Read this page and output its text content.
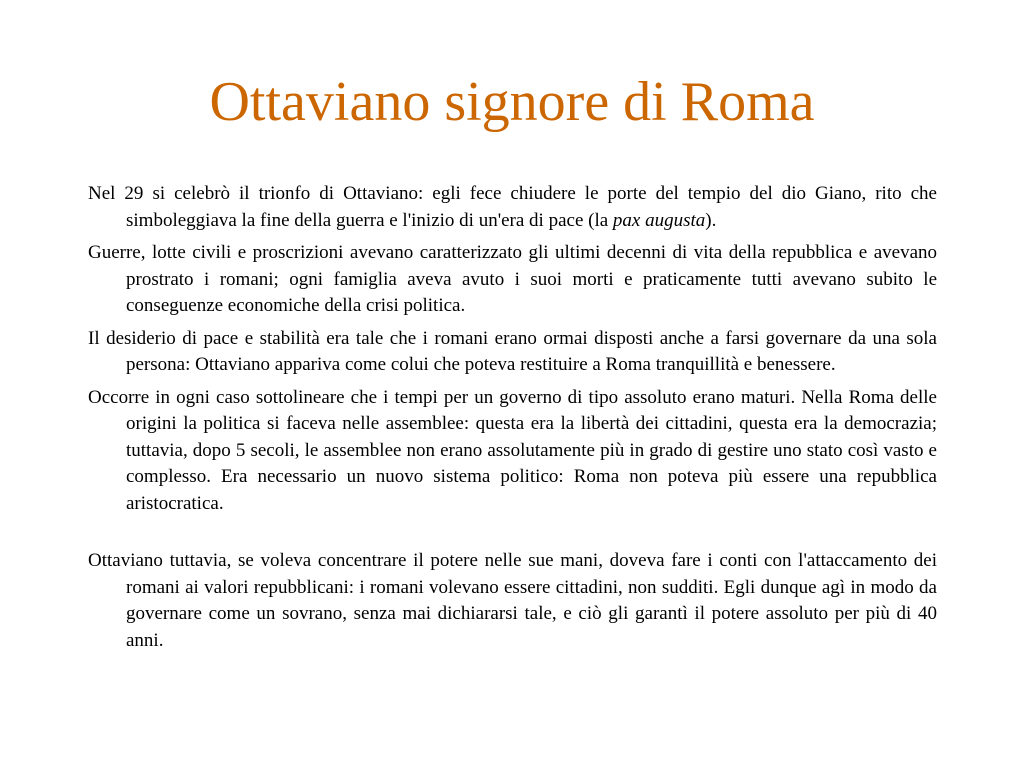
Ottaviano signore di Roma

Nel 29 si celebrò il trionfo di Ottaviano: egli fece chiudere le porte del tempio del dio Giano, rito che simboleggiava la fine della guerra e l'inizio di un'era di pace (la pax augusta).

Guerre, lotte civili e proscrizioni avevano caratterizzato gli ultimi decenni di vita della repubblica e avevano prostrato i romani; ogni famiglia aveva avuto i suoi morti e praticamente tutti avevano subito le conseguenze economiche della crisi politica.

Il desiderio di pace e stabilità era tale che i romani erano ormai disposti anche a farsi governare da una sola persona: Ottaviano appariva come colui che poteva restituire a Roma tranquillità e benessere.

Occorre in ogni caso sottolineare che i tempi per un governo di tipo assoluto erano maturi. Nella Roma delle origini la politica si faceva nelle assemblee: questa era la libertà dei cittadini, questa era la democrazia; tuttavia, dopo 5 secoli, le assemblee non erano assolutamente più in grado di gestire uno stato così vasto e complesso. Era necessario un nuovo sistema politico: Roma non poteva più essere una repubblica aristocratica.

Ottaviano tuttavia, se voleva concentrare il potere nelle sue mani, doveva fare i conti con l'attaccamento dei romani ai valori repubblicani: i romani volevano essere cittadini, non sudditi. Egli dunque agì in modo da governare come un sovrano, senza mai dichiararsi tale, e ciò gli garantì il potere assoluto per più di 40 anni.
